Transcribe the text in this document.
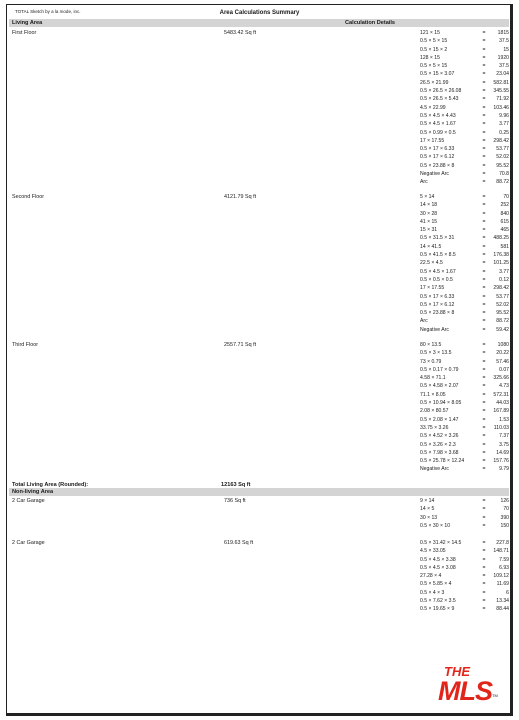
TOTAL Sketch by a la mode, inc.	Area Calculations Summary
Living Area	Calculation Details
First Floor	5483.42 Sq ft	121 × 15	=	1815
0.5 × 5 × 15	=	37.5
0.5 × 15 × 2	=	15
128 × 15	=	1920
0.5 × 5 × 15	=	37.5
0.5 × 15 × 3.07	=	23.04
26.5 × 21.99	=	582.81
0.5 × 26.5 × 26.08	=	345.55
0.5 × 26.5 × 5.43	=	71.92
4.5 × 22.99	=	103.46
0.5 × 4.5 × 4.43	=	9.96
0.5 × 4.5 × 1.67	=	3.77
0.5 × 0.99 × 0.5	=	0.25
17 × 17.55	=	298.42
0.5 × 17 × 6.33	=	53.77
0.5 × 17 × 6.12	=	52.02
0.5 × 23.88 × 8	=	95.52
Negative Arc	=	70.8
Arc	=	88.72
Second Floor	4121.79 Sq ft	5 × 14	=	70
14 × 18	=	252
30 × 28	=	840
41 × 15	=	615
15 × 31	=	465
0.5 × 31.5 × 31	=	488.25
14 × 41.5	=	581
0.5 × 41.5 × 8.5	=	176.38
22.5 × 4.5	=	101.25
0.5 × 4.5 × 1.67	=	3.77
0.5 × 0.5 × 0.5	=	0.12
17 × 17.55	=	298.42
0.5 × 17 × 6.33	=	53.77
0.5 × 17 × 6.12	=	52.02
0.5 × 23.88 × 8	=	95.52
Arc	=	88.72
Negative Arc	=	59.42
Third Floor	2557.71 Sq ft	80 × 13.5	=	1080
0.5 × 3 × 13.5	=	20.22
73 × 0.79	=	57.46
0.5 × 0.17 × 0.79	=	0.07
4.58 × 71.1	=	325.66
0.5 × 4.58 × 2.07	=	4.73
71.1 × 8.05	=	572.31
0.5 × 10.94 × 8.05	=	44.03
2.08 × 80.57	=	167.89
0.5 × 2.08 × 1.47	=	1.53
33.75 × 3.26	=	110.03
0.5 × 4.52 × 3.26	=	7.37
0.5 × 3.26 × 2.3	=	3.75
0.5 × 7.98 × 3.68	=	14.69
0.5 × 25.78 × 12.24	=	157.76
Negative Arc	=	9.79
Total Living Area (Rounded):	12163 Sq ft
Non-living Area
2 Car Garage	736 Sq ft	9 × 14	=	126
14 × 5	=	70
30 × 13	=	390
0.5 × 30 × 10	=	150
2 Car Garage	619.63 Sq ft	0.5 × 31.42 × 14.5	=	227.8
4.5 × 33.05	=	148.71
0.5 × 4.5 × 3.38	=	7.59
0.5 × 4.5 × 3.08	=	6.93
27.28 × 4	=	109.12
0.5 × 5.85 × 4	=	11.69
0.5 × 4 × 3	=	6
0.5 × 7.62 × 3.5	=	13.34
0.5 × 19.65 × 9	=	88.44
THE
MLS TM
